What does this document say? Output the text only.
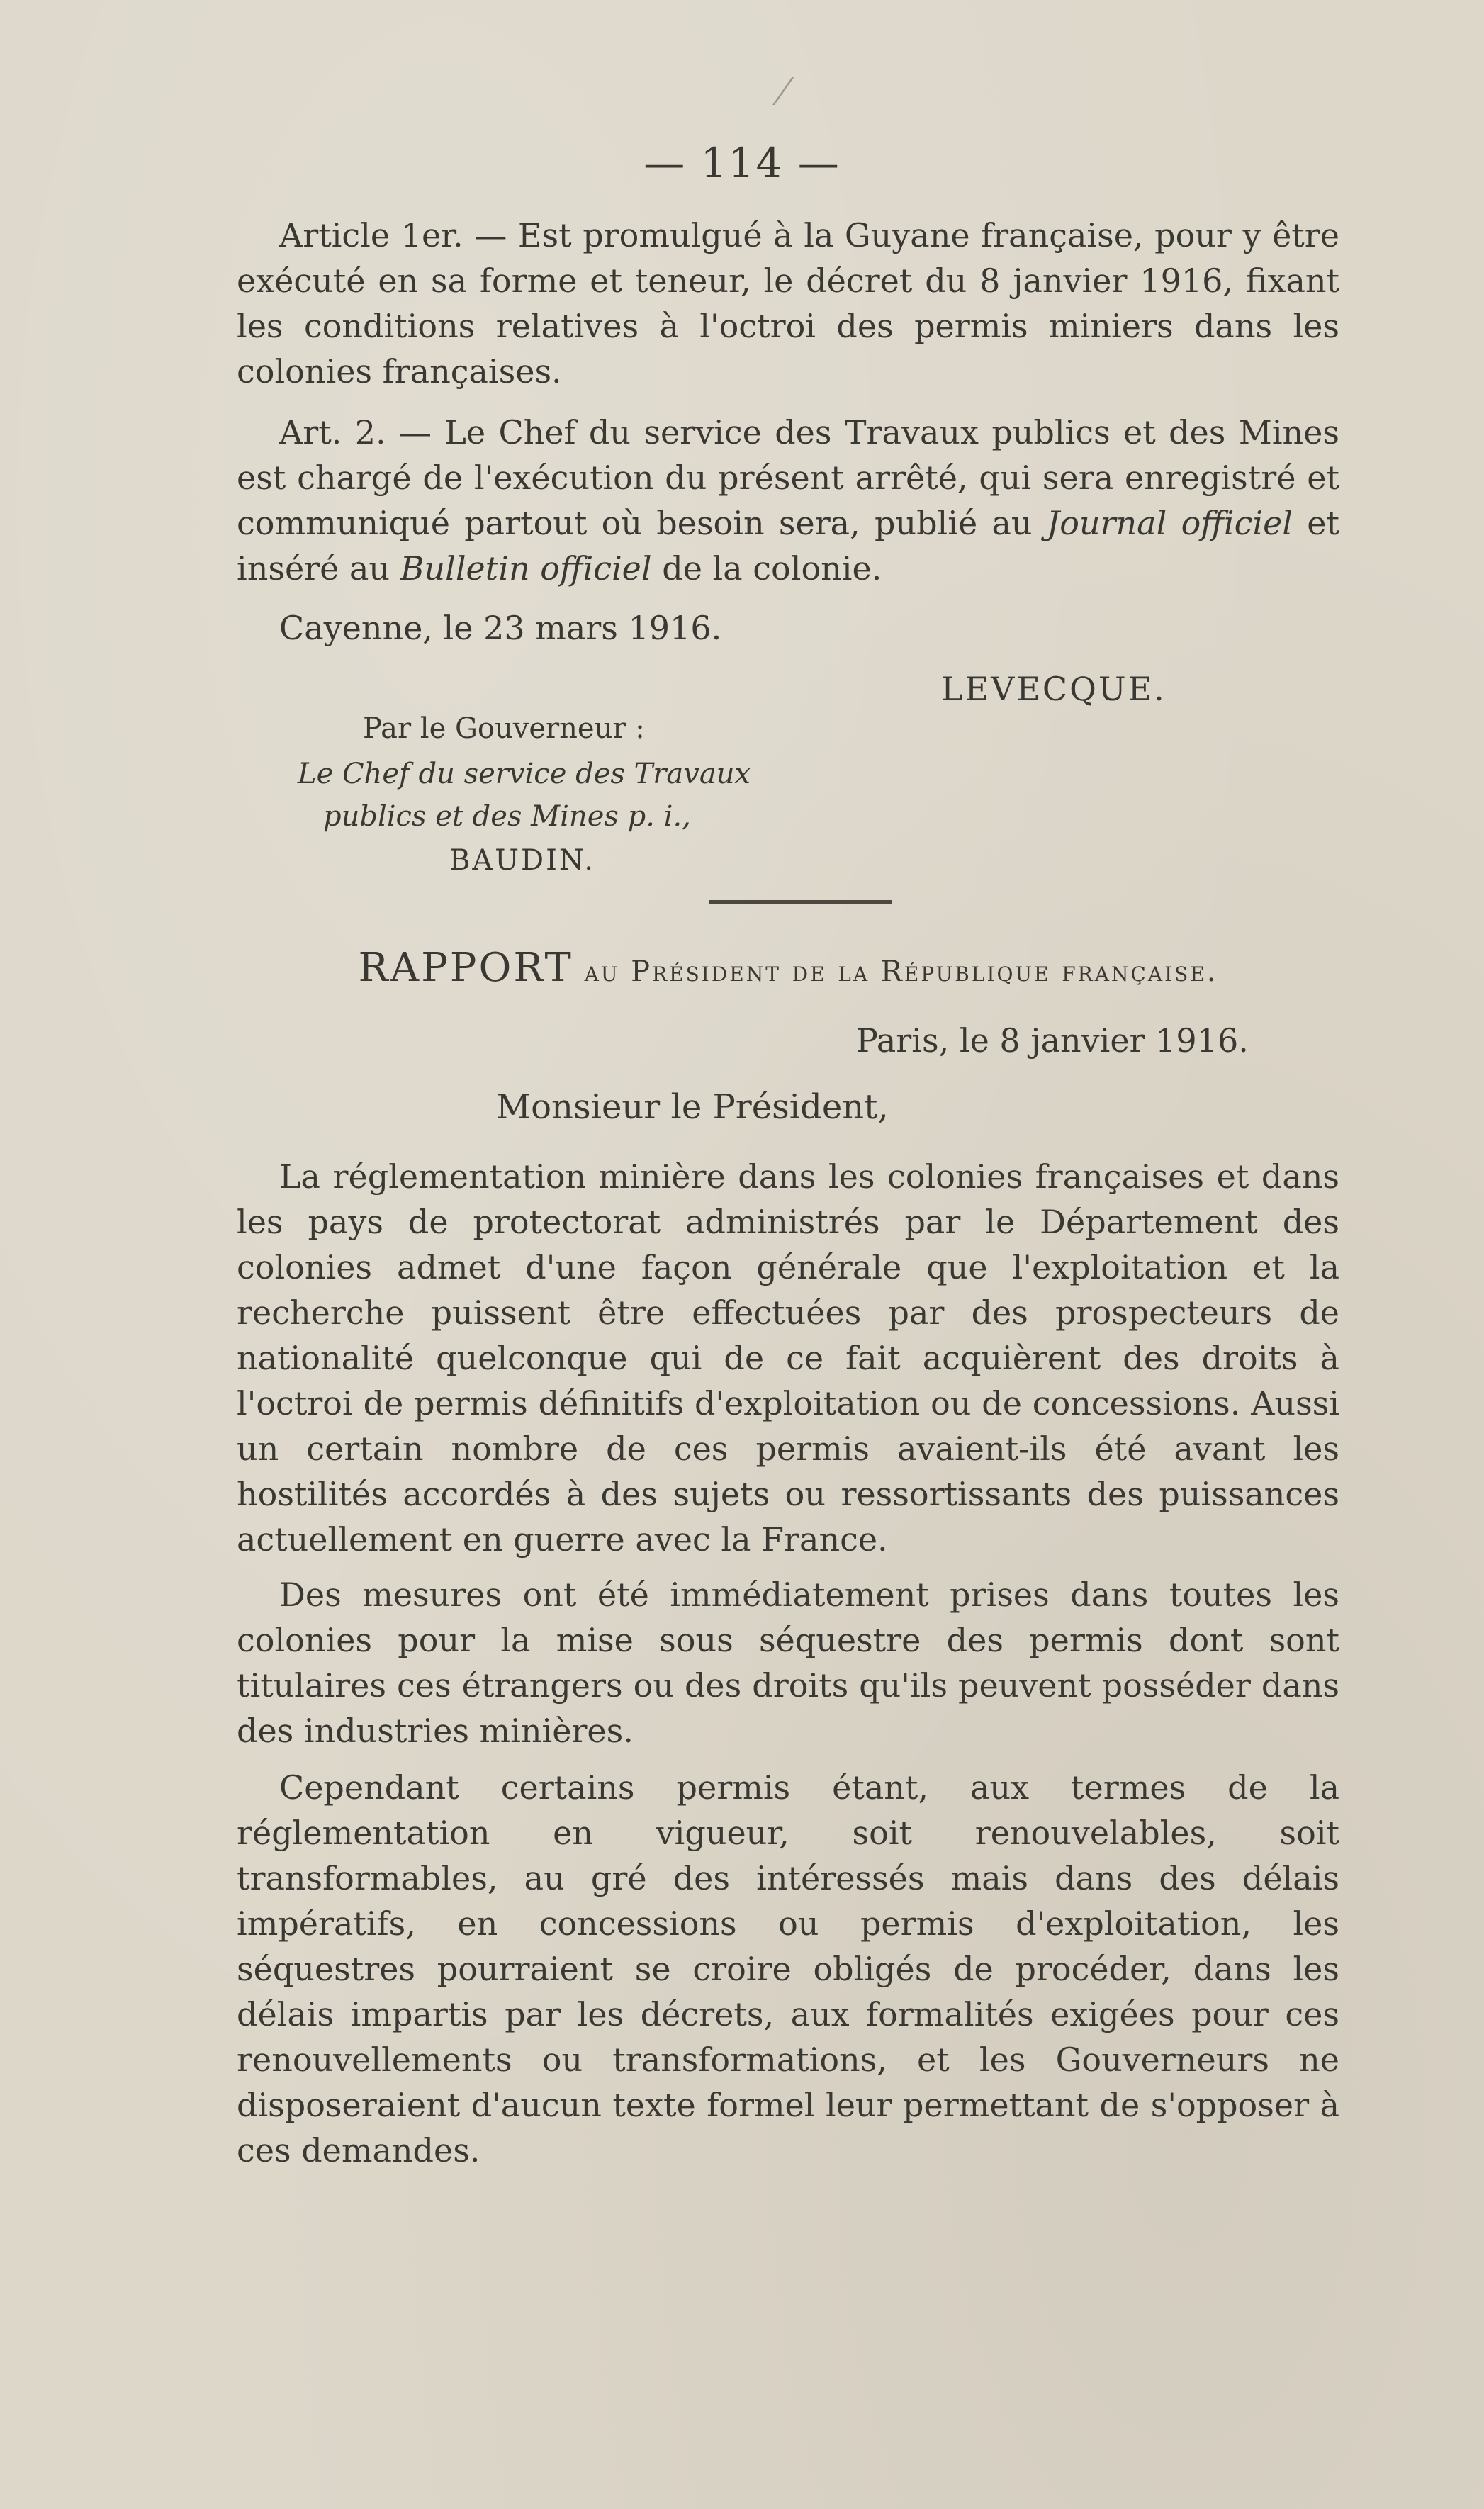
— 114 —
Article 1er. — Est promulgué à la Guyane française, pour y être exécuté en sa forme et teneur, le décret du 8 janvier 1916, fixant les conditions relatives à l'octroi des permis miniers dans les colonies françaises.
Art. 2. — Le Chef du service des Travaux publics et des Mines est chargé de l'exécution du présent arrêté, qui sera enregistré et communiqué partout où besoin sera, publié au Journal officiel et inséré au Bulletin officiel de la colonie.
Cayenne, le 23 mars 1916.
LEVECQUE.
Par le Gouverneur :
Le Chef du service des Travaux
publics et des Mines p. i.,
BAUDIN.
RAPPORT au Président de la République française.
Paris, le 8 janvier 1916.
Monsieur le Président,
La réglementation minière dans les colonies françaises et dans les pays de protectorat administrés par le Département des colonies admet d'une façon générale que l'exploitation et la recherche puissent être effectuées par des prospecteurs de nationalité quelconque qui de ce fait acquièrent des droits à l'octroi de permis définitifs d'exploitation ou de concessions. Aussi un certain nombre de ces permis avaient-ils été avant les hostilités accordés à des sujets ou ressortissants des puissances actuellement en guerre avec la France.
Des mesures ont été immédiatement prises dans toutes les colonies pour la mise sous séquestre des permis dont sont titulaires ces étrangers ou des droits qu'ils peuvent posséder dans des industries minières.
Cependant certains permis étant, aux termes de la réglementation en vigueur, soit renouvelables, soit transformables, au gré des intéressés mais dans des délais impératifs, en concessions ou permis d'exploitation, les séquestres pourraient se croire obligés de procéder, dans les délais impartis par les décrets, aux formalités exigées pour ces renouvellements ou transformations, et les Gouverneurs ne disposeraient d'aucun texte formel leur permettant de s'opposer à ces demandes.
